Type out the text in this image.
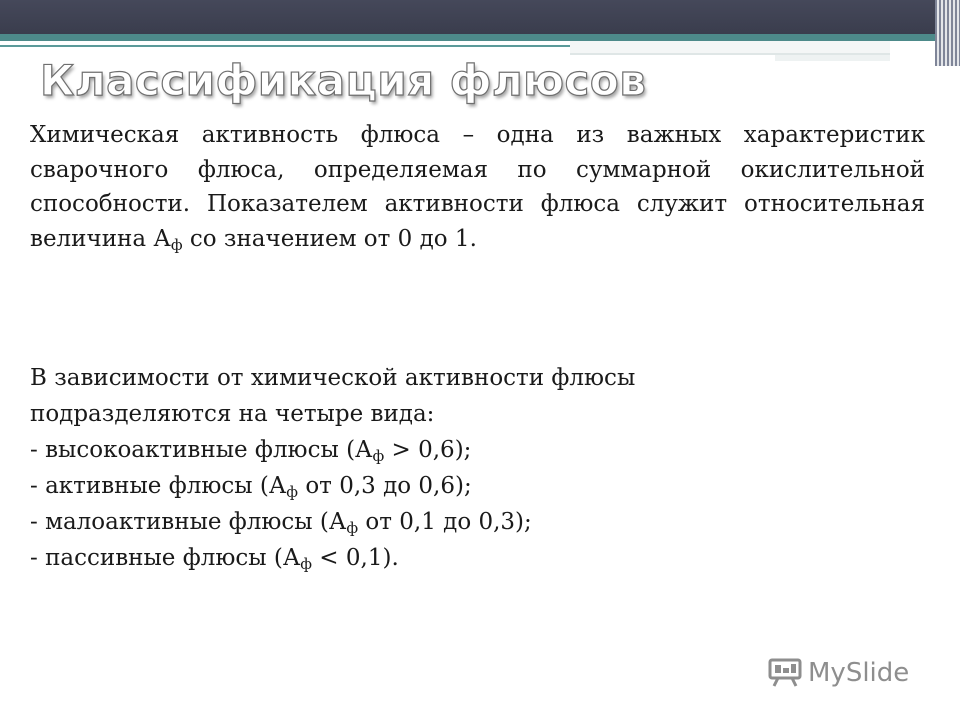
Классификация флюсов

Химическая активность флюса – одна из важных характеристик сварочного флюса, определяемая по суммарной окислительной способности. Показателем активности флюса служит относительная величина $А_ф$ со значением от 0 до 1.

В зависимости от химической активности флюсы
подразделяются на четыре вида:
- высокоактивные флюсы $(А_ф > 0,6)$;
- активные флюсы ($А_ф$ от 0,3 до 0,6);
- малоактивные флюсы ($А_ф$ от 0,1 до 0,3);
- пассивные флюсы $(А_ф < 0,1)$.
MySlide
